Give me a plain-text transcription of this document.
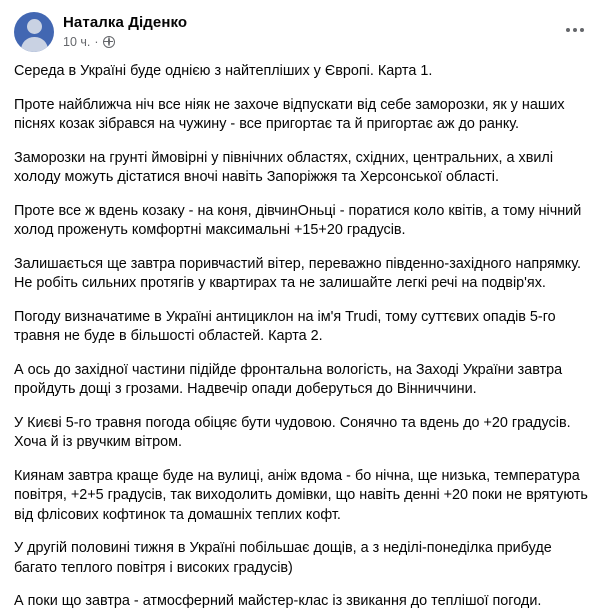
Наталка Діденко
10 ч. ·

Середа в Україні буде однією з найтепліших у Європі. Карта 1.

Проте найближча ніч все ніяк не захоче відпускати від себе заморозки, як у наших піснях козак зібрався на чужину - все пригортає та й пригортає аж до ранку.

Заморозки на грунті ймовірні у північних областях, східних, центральних, а хвилі холоду можуть дістатися вночі навіть Запоріжжя та Херсонської області.

Проте все ж вдень козаку - на коня, дівчинОньці - поратися коло квітів, а тому нічний холод проженуть комфортні максимальні +15+20 градусів.

Залишається ще завтра поривчастий вітер, переважно південно-західного напрямку. Не робіть сильних протягів у квартирах та не залишайте легкі речі на подвір'ях.

Погоду визначатиме в Україні антициклон на ім'я Trudi, тому суттєвих опадів 5-го травня не буде в більшості областей. Карта 2.

А ось до західної частини підійде фронтальна вологість, на Заході України завтра пройдуть дощі з грозами. Надвечір опади доберуться до Вінниччини.

У Києві 5-го травня погода обіцяє бути чудовою. Сонячно та вдень до +20 градусів. Хоча й із рвучким вітром.

Киянам завтра краще буде на вулиці, аніж вдома - бо нічна, ще низька, температура повітря, +2+5 градусів, так виходолить домівки, що навіть денні +20 поки не врятують від флісових кофтинок та домашніх теплих кофт.

У другій половині тижня в Україні побільшає дощів, а з неділі-понеділка прибуде багато теплого повітря і високих градусів)

А поки що завтра - атмосферний майстер-клас із звикання до теплішої погоди.
